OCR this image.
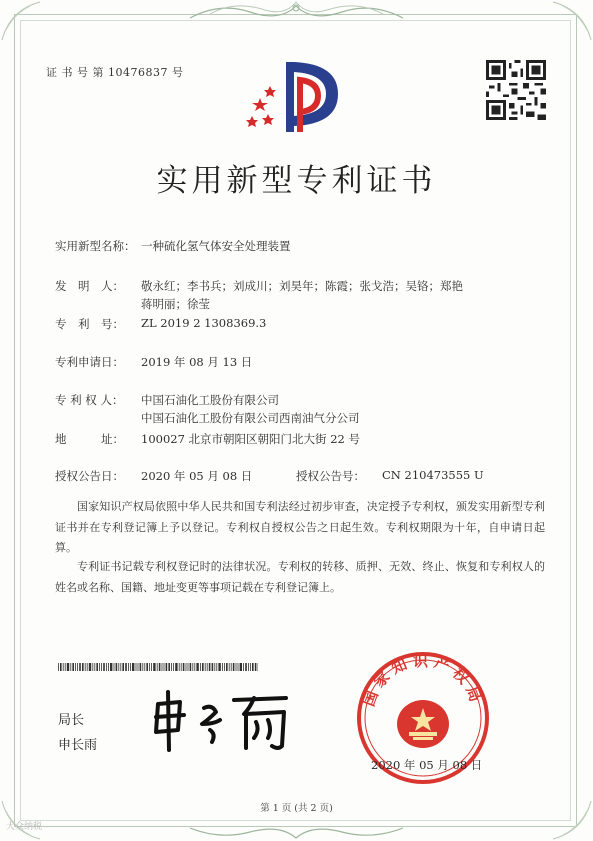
证 书 号 第 10476837 号
实用新型专利证书
实用新型名称： 一种硫化氢气体安全处理装置
发　明　人： 敬永红；李书兵；刘成川；刘昊年；陈霞；张戈浩；吴铬；郑艳
蒋明丽；徐莹
专　利　号： ZL 2019 2 1308369.3
专利申请日： 2019 年 08 月 13 日
专 利 权 人： 中国石油化工股份有限公司
中国石油化工股份有限公司西南油气分公司
地　　　址： 100027 北京市朝阳区朝阳门北大街 22 号
授权公告日： 2020 年 05 月 08 日	授权公告号： CN 210473555 U
国家知识产权局依照中华人民共和国专利法经过初步审查，决定授予专利权，颁发实用新型专利证书并在专利登记簿上予以登记。专利权自授权公告之日起生效。专利权期限为十年，自申请日起算。
专利证书记载专利权登记时的法律状况。专利权的转移、质押、无效、终止、恢复和专利权人的姓名或名称、国籍、地址变更等事项记载在专利登记簿上。
局长
申长雨
国家知识产权局
2020 年 05 月 08 日
第 1 页 (共 2 页)
大众纳税
